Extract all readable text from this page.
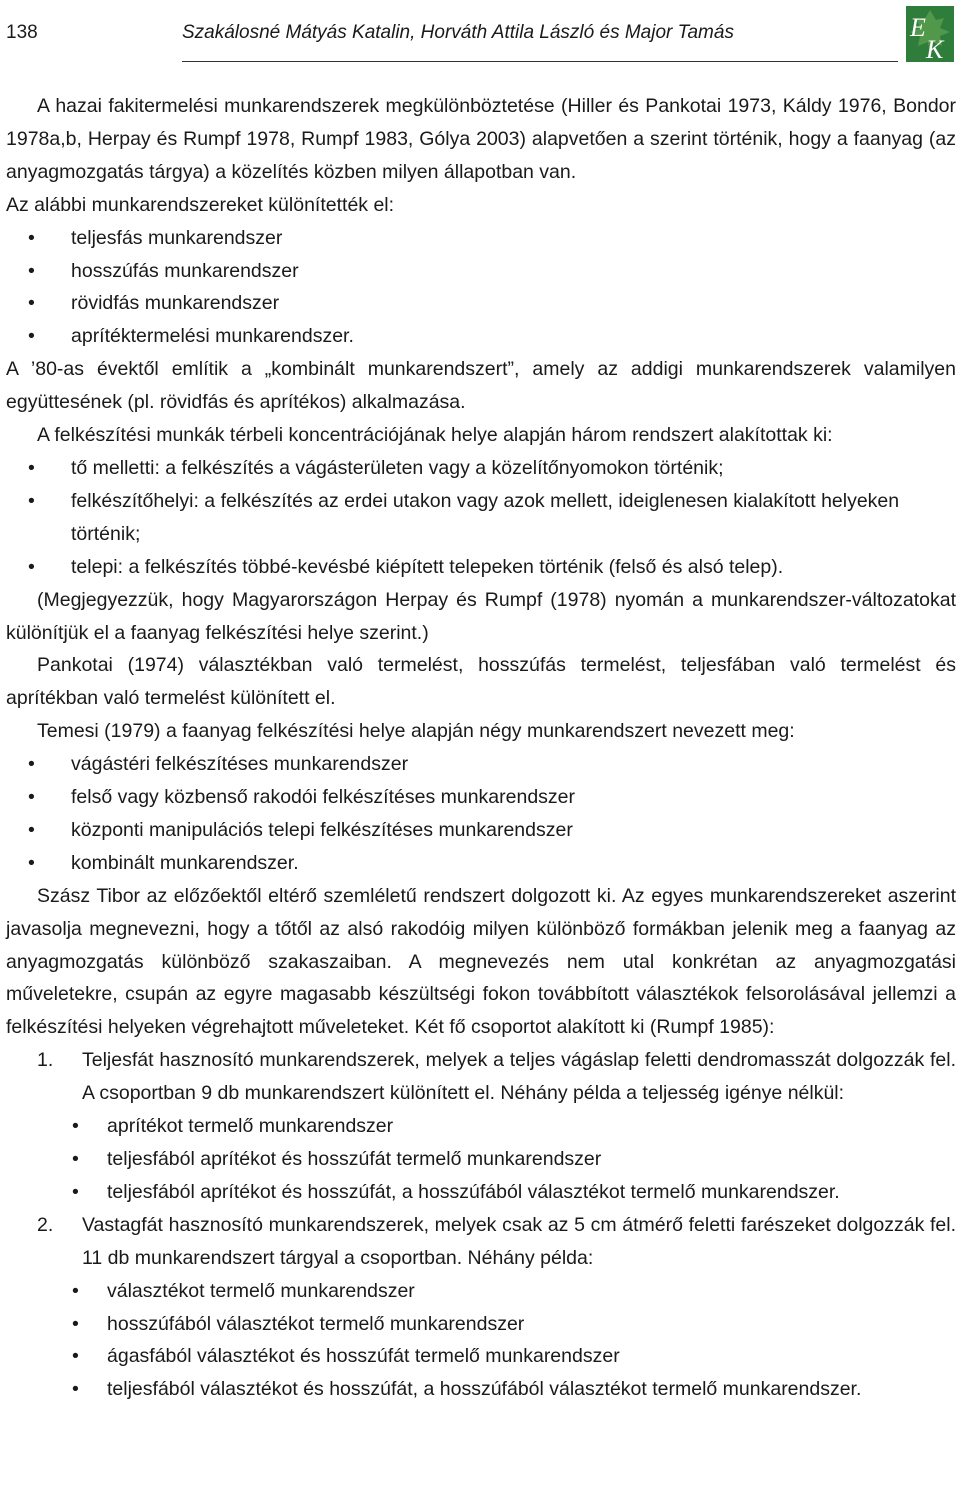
138	Szakálosné Mátyás Katalin, Horváth Attila László és Major Tamás	E
K

A hazai fakitermelési munkarendszerek megkülönböztetése (Hiller és Pankotai 1973, Káldy 1976, Bondor 1978a,b, Herpay és Rumpf 1978, Rumpf 1983, Gólya 2003) alapvetően a szerint történik, hogy a faanyag (az anyagmozgatás tárgya) a közelítés közben milyen állapotban van.

Az alábbi munkarendszereket különítették el:

• teljesfás munkarendszer
• hosszúfás munkarendszer
• rövidfás munkarendszer
• aprítéktermelési munkarendszer.

A ’80-as évektől említik a „kombinált munkarendszert”, amely az addigi munkarendszerek valamilyen együttesének (pl. rövidfás és aprítékos) alkalmazása.

A felkészítési munkák térbeli koncentrációjának helye alapján három rendszert alakítottak ki:

• tő melletti: a felkészítés a vágásterületen vagy a közelítőnyomokon történik;
• felkészítőhelyi: a felkészítés az erdei utakon vagy azok mellett, ideiglenesen kialakított helyeken történik;
• telepi: a felkészítés többé-kevésbé kiépített telepeken történik (felső és alsó telep).

(Megjegyezzük, hogy Magyarországon Herpay és Rumpf (1978) nyomán a munkarendszer-változatokat különítjük el a faanyag felkészítési helye szerint.)

Pankotai (1974) választékban való termelést, hosszúfás termelést, teljesfában való termelést és aprítékban való termelést különített el.

Temesi (1979) a faanyag felkészítési helye alapján négy munkarendszert nevezett meg:

• vágástéri felkészítéses munkarendszer
• felső vagy közbenső rakodói felkészítéses munkarendszer
• központi manipulációs telepi felkészítéses munkarendszer
• kombinált munkarendszer.

Szász Tibor az előzőektől eltérő szemléletű rendszert dolgozott ki. Az egyes munkarendszereket aszerint javasolja megnevezni, hogy a tőtől az alsó rakodóig milyen különböző formákban jelenik meg a faanyag az anyagmozgatás különböző szakaszaiban. A megnevezés nem utal konkrétan az anyagmozgatási műveletekre, csupán az egyre magasabb készültségi fokon továbbított választékok felsorolásával jellemzi a felkészítési helyeken végrehajtott műveleteket. Két fő csoportot alakított ki (Rumpf 1985):

1. Teljesfát hasznosító munkarendszerek, melyek a teljes vágáslap feletti dendromasszát dolgozzák fel. A csoportban 9 db munkarendszert különített el. Néhány példa a teljesség igénye nélkül:

• aprítékot termelő munkarendszer
• teljesfából aprítékot és hosszúfát termelő munkarendszer
• teljesfából aprítékot és hosszúfát, a hosszúfából választékot termelő munkarendszer.
2. Vastagfát hasznosító munkarendszerek, melyek csak az 5 cm átmérő feletti farészeket dolgozzák fel. 11 db munkarendszert tárgyal a csoportban. Néhány példa:

• választékot termelő munkarendszer
• hosszúfából választékot termelő munkarendszer
• ágasfából választékot és hosszúfát termelő munkarendszer
• teljesfából választékot és hosszúfát, a hosszúfából választékot termelő munkarendszer.
